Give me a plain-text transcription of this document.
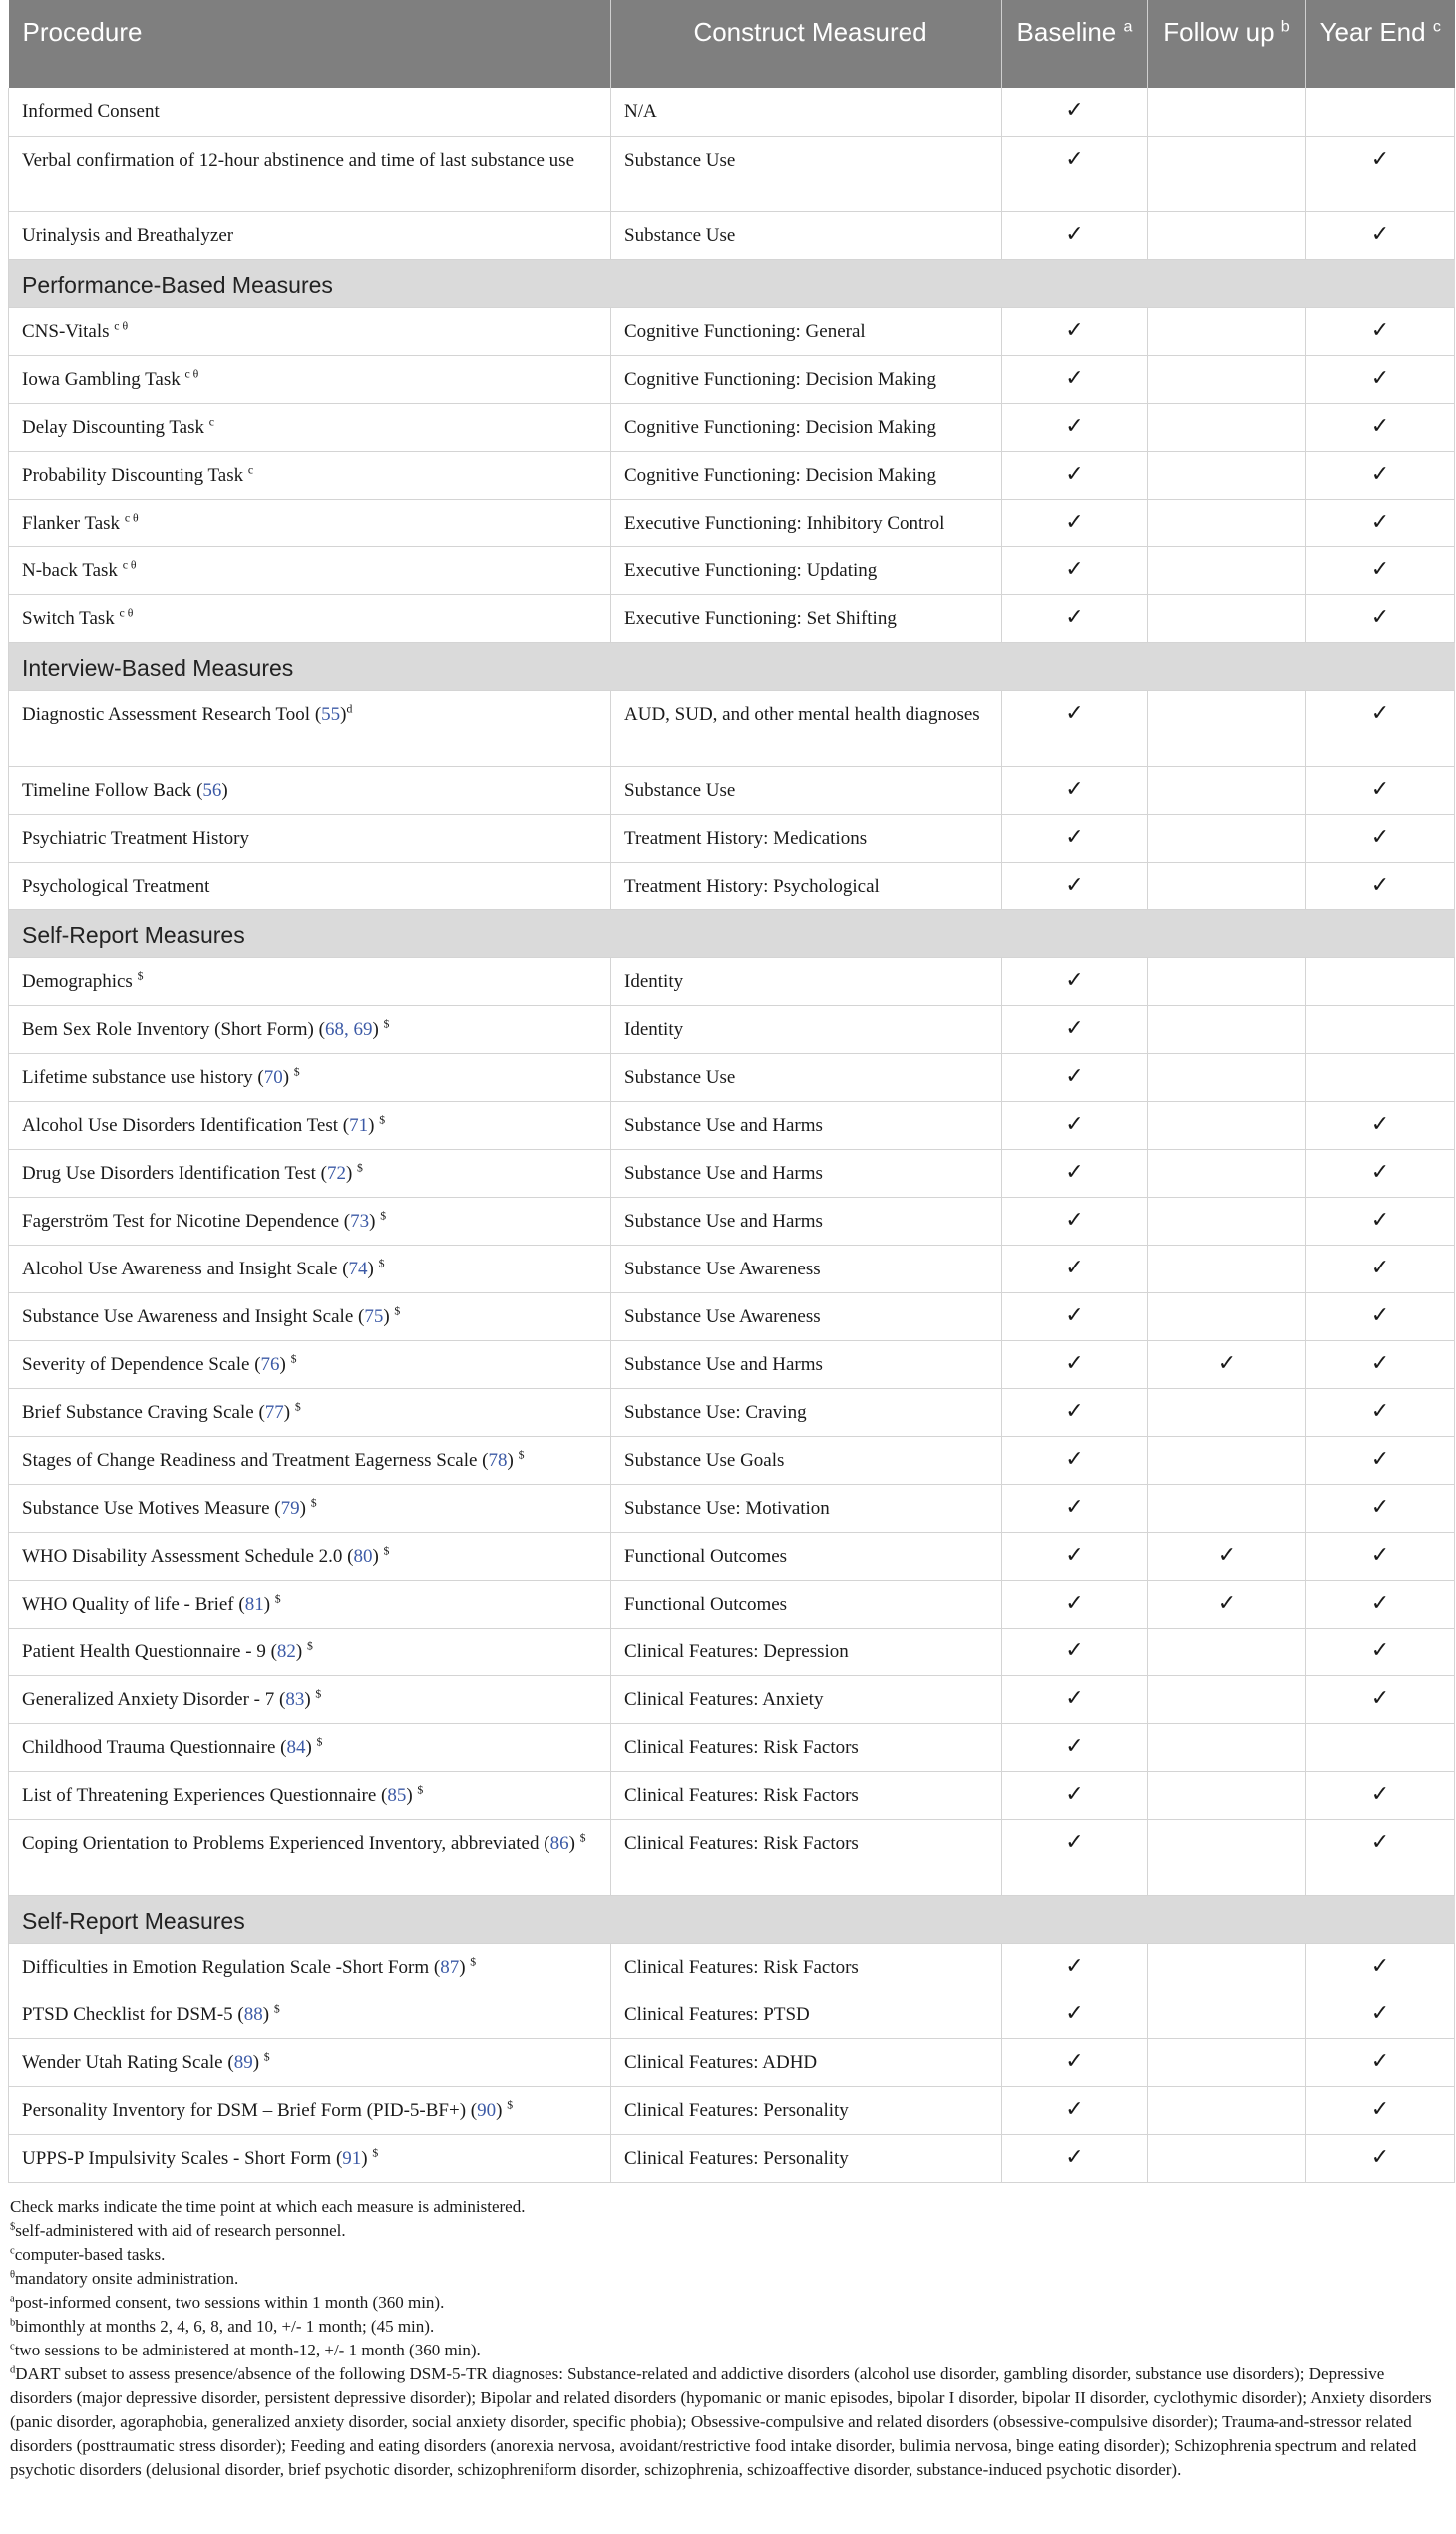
Procedure	Construct Measured	Baseline $^a$	Follow up $^b$	Year End $^c$
Informed Consent	N/A	✓		
Verbal confirmation of 12-hour abstinence and time of last substance use	Substance Use	✓		✓
Urinalysis and Breathalyzer	Substance Use	✓		✓
Performance-Based Measures				
CNS-Vitals $^{c \theta}$	Cognitive Functioning: General	✓		✓
Iowa Gambling Task $^{c \theta}$	Cognitive Functioning: Decision Making	✓		✓
Delay Discounting Task $^c$	Cognitive Functioning: Decision Making	✓		✓
Probability Discounting Task $^c$	Cognitive Functioning: Decision Making	✓		✓
Flanker Task $^{c \theta}$	Executive Functioning: Inhibitory Control	✓		✓
N-back Task $^{c \theta}$	Executive Functioning: Updating	✓		✓
Switch Task $^{c \theta}$	Executive Functioning: Set Shifting	✓		✓
Interview-Based Measures				
Diagnostic Assessment Research Tool $(55)^d$	AUD, SUD, and other mental health diagnoses	✓		✓
Timeline Follow Back (56)	Substance Use	✓		✓
Psychiatric Treatment History	Treatment History: Medications	✓		✓
Psychological Treatment	Treatment History: Psychological	✓		✓
Self-Report Measures				
Demographics $	Identity	✓		
Bem Sex Role Inventory (Short Form) (68, 69) $	Identity	✓		
Lifetime substance use history (70) $	Substance Use	✓		
Alcohol Use Disorders Identification Test (71) $	Substance Use and Harms	✓		✓
Drug Use Disorders Identification Test (72) $	Substance Use and Harms	✓		✓
Fagerström Test for Nicotine Dependence (73) $	Substance Use and Harms	✓		✓
Alcohol Use Awareness and Insight Scale (74) $	Substance Use Awareness	✓		✓
Substance Use Awareness and Insight Scale (75) $	Substance Use Awareness	✓		✓
Severity of Dependence Scale (76) $	Substance Use and Harms	✓	✓	✓
Brief Substance Craving Scale (77) $	Substance Use: Craving	✓		✓
Stages of Change Readiness and Treatment Eagerness Scale (78) $	Substance Use Goals	✓		✓
Substance Use Motives Measure (79) $	Substance Use: Motivation	✓		✓
WHO Disability Assessment Schedule 2.0 (80) $	Functional Outcomes	✓	✓	✓
WHO Quality of life - Brief (81) $	Functional Outcomes	✓	✓	✓
Patient Health Questionnaire - 9 (82) $	Clinical Features: Depression	✓		✓
Generalized Anxiety Disorder - 7 (83) $	Clinical Features: Anxiety	✓		✓
Childhood Trauma Questionnaire (84) $	Clinical Features: Risk Factors	✓		
List of Threatening Experiences Questionnaire (85) $	Clinical Features: Risk Factors	✓		✓
Coping Orientation to Problems Experienced Inventory, abbreviated (86) $	Clinical Features: Risk Factors	✓		✓
Self-Report Measures				
Difficulties in Emotion Regulation Scale -Short Form (87) $	Clinical Features: Risk Factors	✓		✓
PTSD Checklist for DSM-5 (88) $	Clinical Features: PTSD	✓		✓
Wender Utah Rating Scale (89) $	Clinical Features: ADHD	✓		✓
Personality Inventory for DSM – Brief Form (PID-5-BF+) (90) $	Clinical Features: Personality	✓		✓
UPPS-P Impulsivity Scales - Short Form (91) $	Clinical Features: Personality	✓		✓
Check marks indicate the time point at which each measure is administered.
$self-administered with aid of research personnel.
$^c$computer-based tasks.
$^\theta$mandatory onsite administration.
$^a$post-informed consent, two sessions within 1 month (360 min).
$^b$bimonthly at months 2, 4, 6, 8, and 10, +/- 1 month; (45 min).
$^c$two sessions to be administered at month-12, +/- 1 month (360 min).
$^d$DART subset to assess presence/absence of the following DSM-5-TR diagnoses: Substance-related and addictive disorders (alcohol use disorder, gambling disorder, substance use disorders); Depressive disorders (major depressive disorder, persistent depressive disorder); Bipolar and related disorders (hypomanic or manic episodes, bipolar I disorder, bipolar II disorder, cyclothymic disorder); Anxiety disorders (panic disorder, agoraphobia, generalized anxiety disorder, social anxiety disorder, specific phobia); Obsessive-compulsive and related disorders (obsessive-compulsive disorder); Trauma-and-stressor related disorders (posttraumatic stress disorder); Feeding and eating disorders (anorexia nervosa, avoidant/restrictive food intake disorder, bulimia nervosa, binge eating disorder); Schizophrenia spectrum and related psychotic disorders (delusional disorder, brief psychotic disorder, schizophreniform disorder, schizophrenia, schizoaffective disorder, substance-induced psychotic disorder).
